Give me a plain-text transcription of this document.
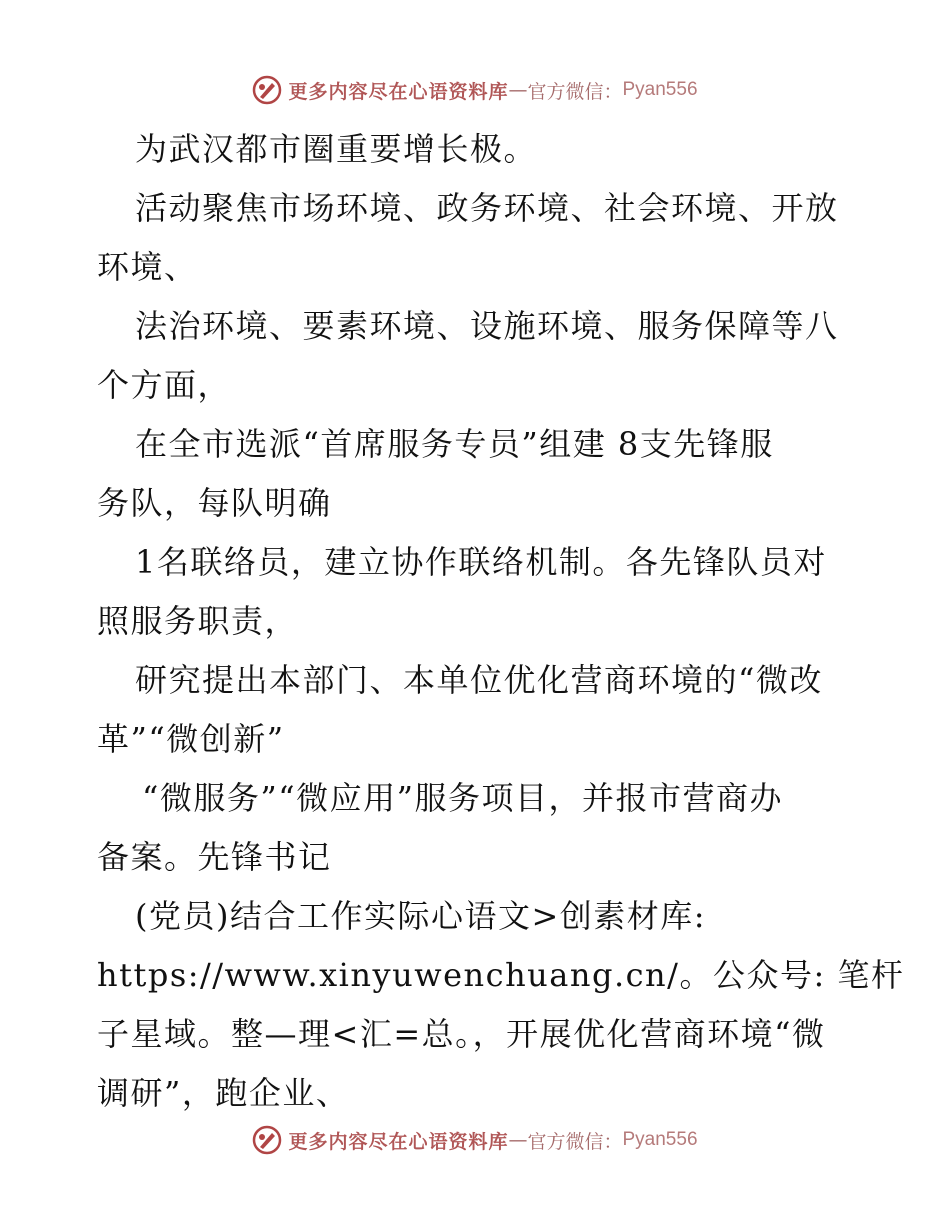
更多内容尽在心语资料库 — 官方微信： Pyan556
为武汉都市圈重要增长极。
活动聚焦市场环境、政务环境、社会环境、开放
环境、
法治环境、要素环境、设施环境、服务保障等八
个方面，
在全市选派“首席服务专员”组建 8支先锋服
务队，每队明确
1名联络员，建立协作联络机制。各先锋队员对
照服务职责，
研究提出本部门、本单位优化营商环境的“微改
革”“微创新”
“微服务”“微应用”服务项目，并报市营商办
备案。先锋书记
(党员)结合工作实际心语文>创素材库:
https://www.xinyuwenchuang.cn/。公众号: 笔杆
子星域。整—理<汇=总。，开展优化营商环境“微
调研”，跑企业、
更多内容尽在心语资料库 — 官方微信： Pyan556
